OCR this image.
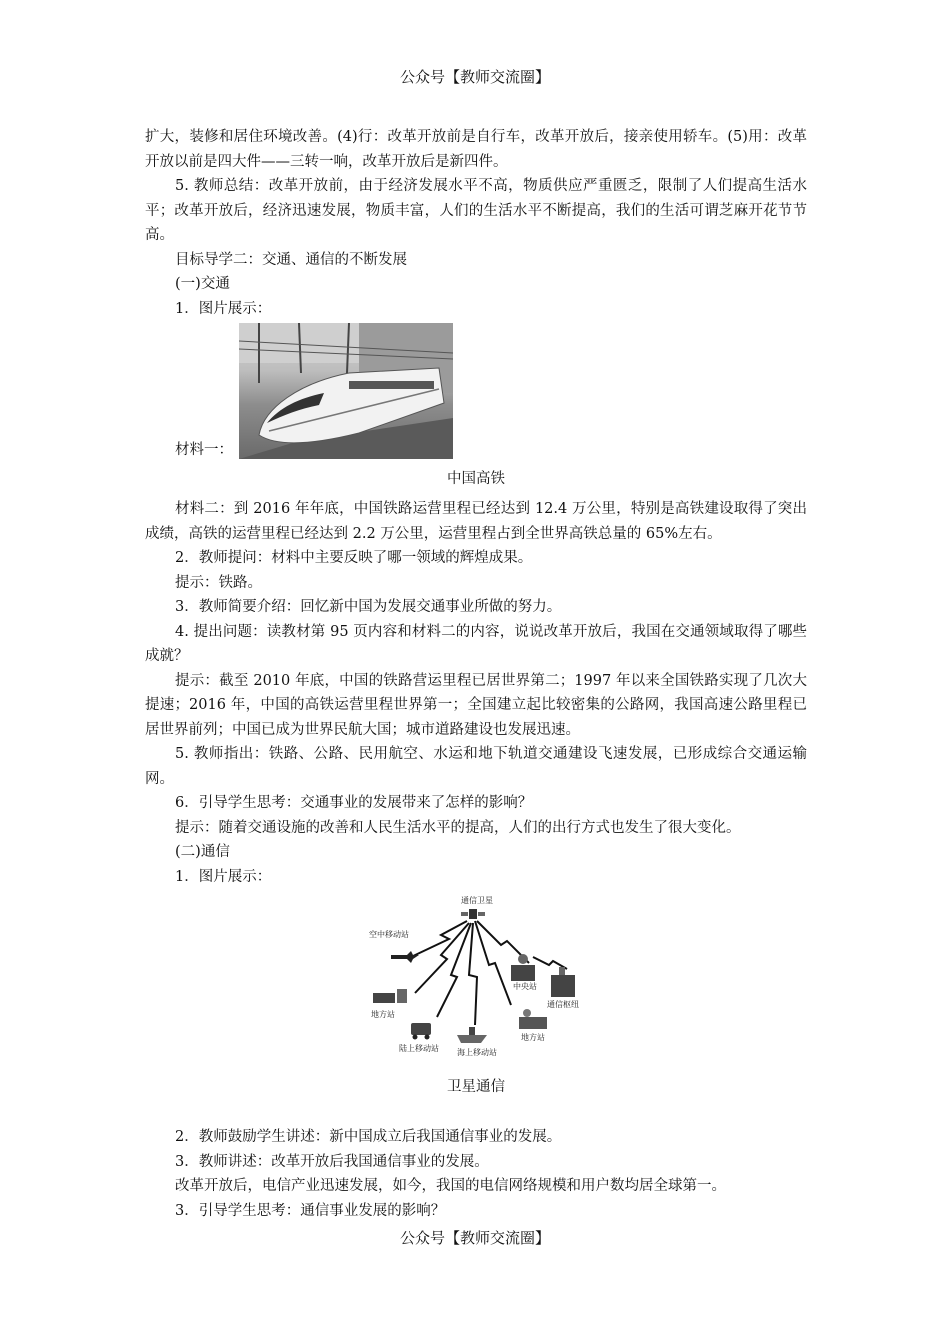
公众号【教师交流圈】

扩大，装修和居住环境改善。(4)行：改革开放前是自行车，改革开放后，接亲使用轿车。(5)用：改革开放以前是四大件——三转一响，改革开放后是新四件。

5. 教师总结：改革开放前，由于经济发展水平不高，物质供应严重匮乏，限制了人们提高生活水平；改革开放后，经济迅速发展，物质丰富，人们的生活水平不断提高，我们的生活可谓芝麻开花节节高。

目标导学二：交通、通信的不断发展

(一)交通

1．图片展示：

材料一：
中国高铁

材料二：到 2016 年年底，中国铁路运营里程已经达到 12.4 万公里，特别是高铁建设取得了突出成绩，高铁的运营里程已经达到 2.2 万公里，运营里程占到全世界高铁总量的 65%左右。

2．教师提问：材料中主要反映了哪一领域的辉煌成果。

提示：铁路。

3．教师简要介绍：回忆新中国为发展交通事业所做的努力。

4. 提出问题：读教材第 95 页内容和材料二的内容，说说改革开放后，我国在交通领域取得了哪些成就？

提示：截至 2010 年底，中国的铁路营运里程已居世界第二；1997 年以来全国铁路实现了几次大提速；2016 年，中国的高铁运营里程世界第一；全国建立起比较密集的公路网，我国高速公路里程已居世界前列；中国已成为世界民航大国；城市道路建设也发展迅速。

5. 教师指出：铁路、公路、民用航空、水运和地下轨道交通建设飞速发展，已形成综合交通运输网。

6．引导学生思考：交通事业的发展带来了怎样的影响？

提示：随着交通设施的改善和人民生活水平的提高，人们的出行方式也发生了很大变化。

(二)通信

1．图片展示：

通信卫星
空中移动站
地方站
陆上移动站 海上移动站
中央站
通信枢纽
地方站
卫星通信

2．教师鼓励学生讲述：新中国成立后我国通信事业的发展。

3．教师讲述：改革开放后我国通信事业的发展。

改革开放后，电信产业迅速发展，如今，我国的电信网络规模和用户数均居全球第一。

3．引导学生思考：通信事业发展的影响？

公众号【教师交流圈】
